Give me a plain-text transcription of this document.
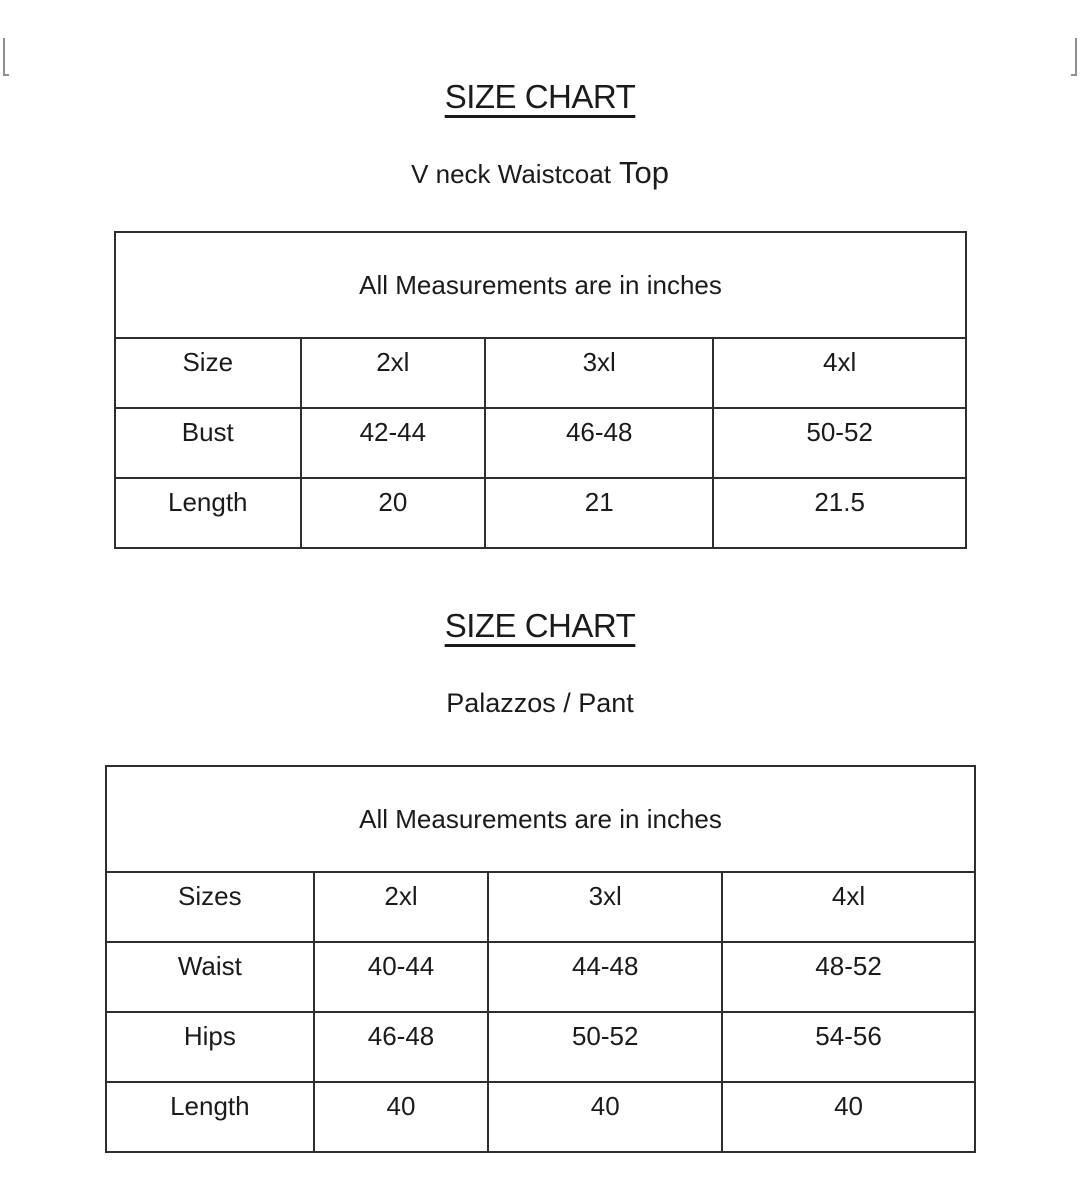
SIZE CHART

V neck Waistcoat Top

All Measurements are in inches			
Size	2xl	3xl	4xl
Bust	42-44	46-48	50-52
Length	20	21	21.5
SIZE CHART

Palazzos / Pant

All Measurements are in inches			
Sizes	2xl	3xl	4xl
Waist	40-44	44-48	48-52
Hips	46-48	50-52	54-56
Length	40	40	40
